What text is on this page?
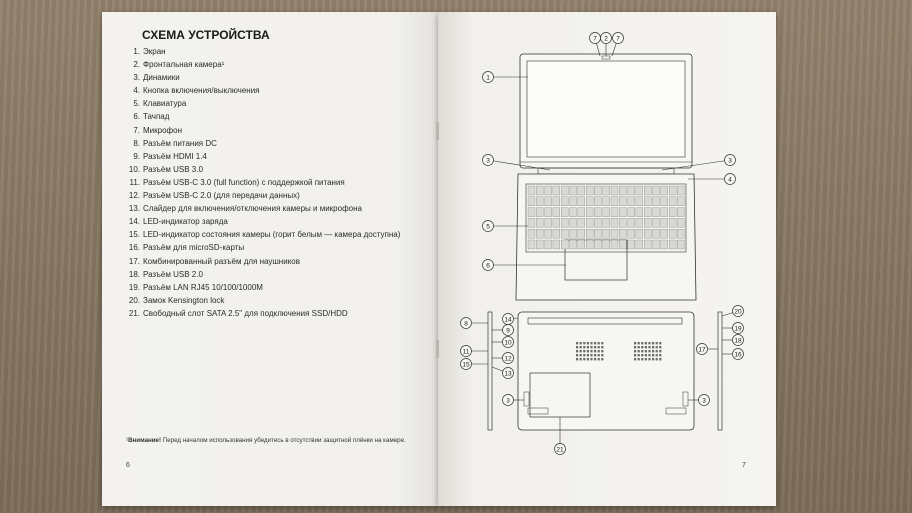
СХЕМА УСТРОЙСТВА
1. Экран
2. Фронтальная камера¹
3. Динамики
4. Кнопка включения/выключения
5. Клавиатура
6. Тачпад
7. Микрофон
8. Разъём питания DC
9. Разъём HDMI 1.4
10. Разъём USB 3.0
11. Разъём USB-C 3.0 (full function) с поддержкой питания
12. Разъём USB-C 2.0 (для передачи данных)
13. Слайдер для включения/отключения камеры и микрофона
14. LED-индикатор заряда
15. LED-индикатор состояния камеры (горит белым — камера доступна)
16. Разъём для microSD-карты
17. Комбинированный разъём для наушников
18. Разъём USB 2.0
19. Разъём LAN RJ45 10/100/1000M
20. Замок Kensington lock
21. Свободный слот SATA 2.5" для подключения SSD/HDD
¹Внимание! Перед началом использования убедитесь в отсутствии защитной плёнки на камере.
6	7
7 2 7
1
3	3
4
5
6
14
8
9
10
11
12
15
13
20
19
18
17
16
3	3
21
